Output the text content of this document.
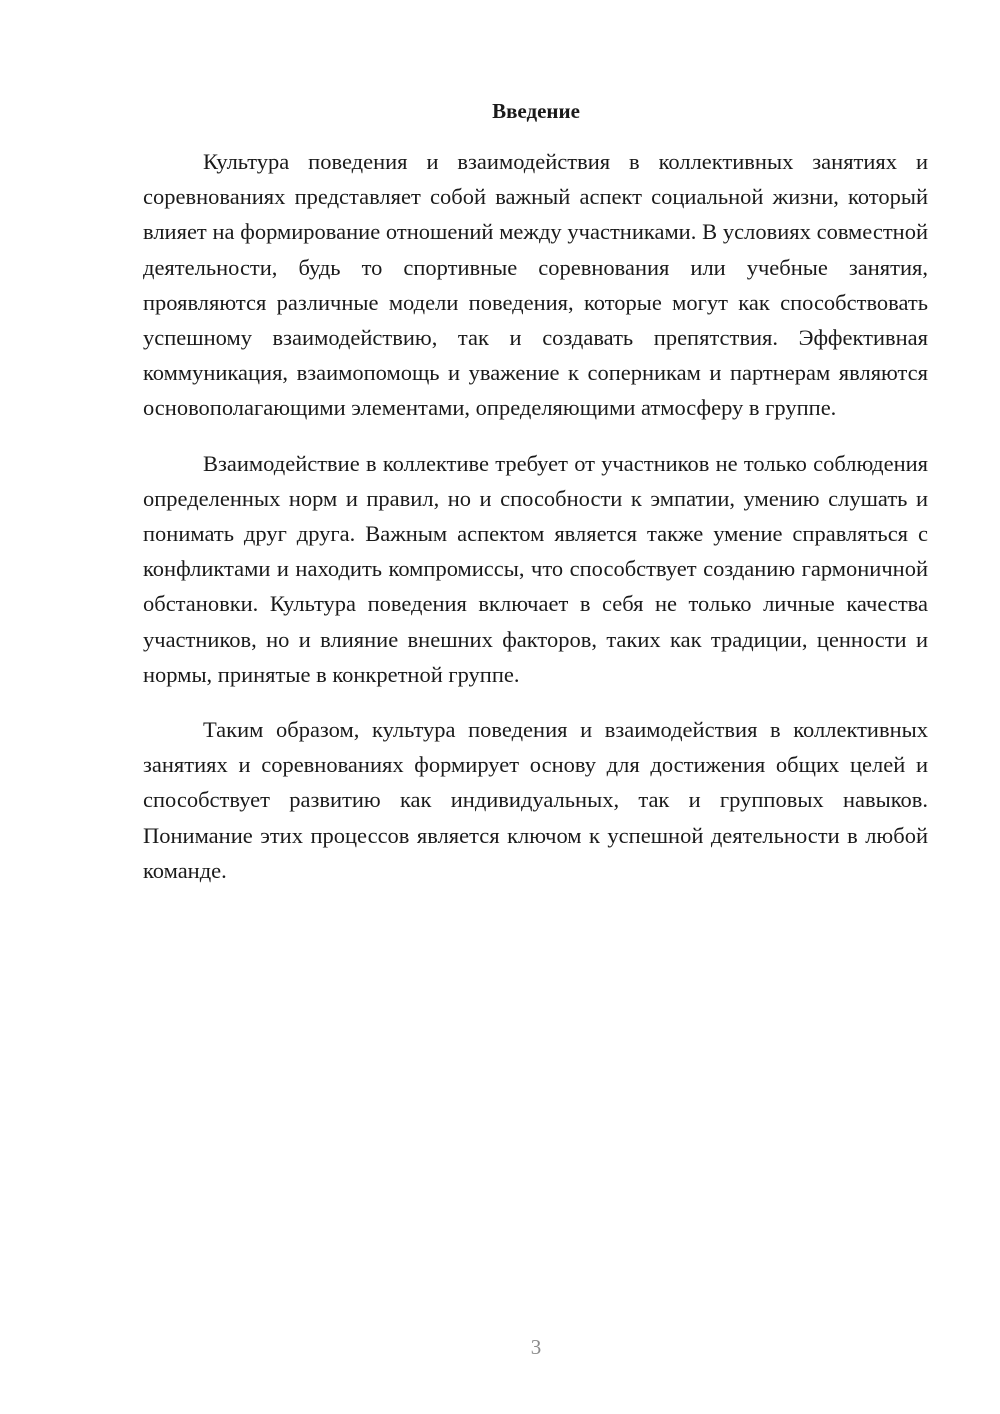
Введение

Культура поведения и взаимодействия в коллективных занятиях и соревнованиях представляет собой важный аспект социальной жизни, который влияет на формирование отношений между участниками. В условиях совместной деятельности, будь то спортивные соревнования или учебные занятия, проявляются различные модели поведения, которые могут как способствовать успешному взаимодействию, так и создавать препятствия. Эффективная коммуникация, взаимопомощь и уважение к соперникам и партнерам являются основополагающими элементами, определяющими атмосферу в группе.

Взаимодействие в коллективе требует от участников не только соблюдения определенных норм и правил, но и способности к эмпатии, умению слушать и понимать друг друга. Важным аспектом является также умение справляться с конфликтами и находить компромиссы, что способствует созданию гармоничной обстановки. Культура поведения включает в себя не только личные качества участников, но и влияние внешних факторов, таких как традиции, ценности и нормы, принятые в конкретной группе.

Таким образом, культура поведения и взаимодействия в коллективных занятиях и соревнованиях формирует основу для достижения общих целей и способствует развитию как индивидуальных, так и групповых навыков. Понимание этих процессов является ключом к успешной деятельности в любой команде.

3
